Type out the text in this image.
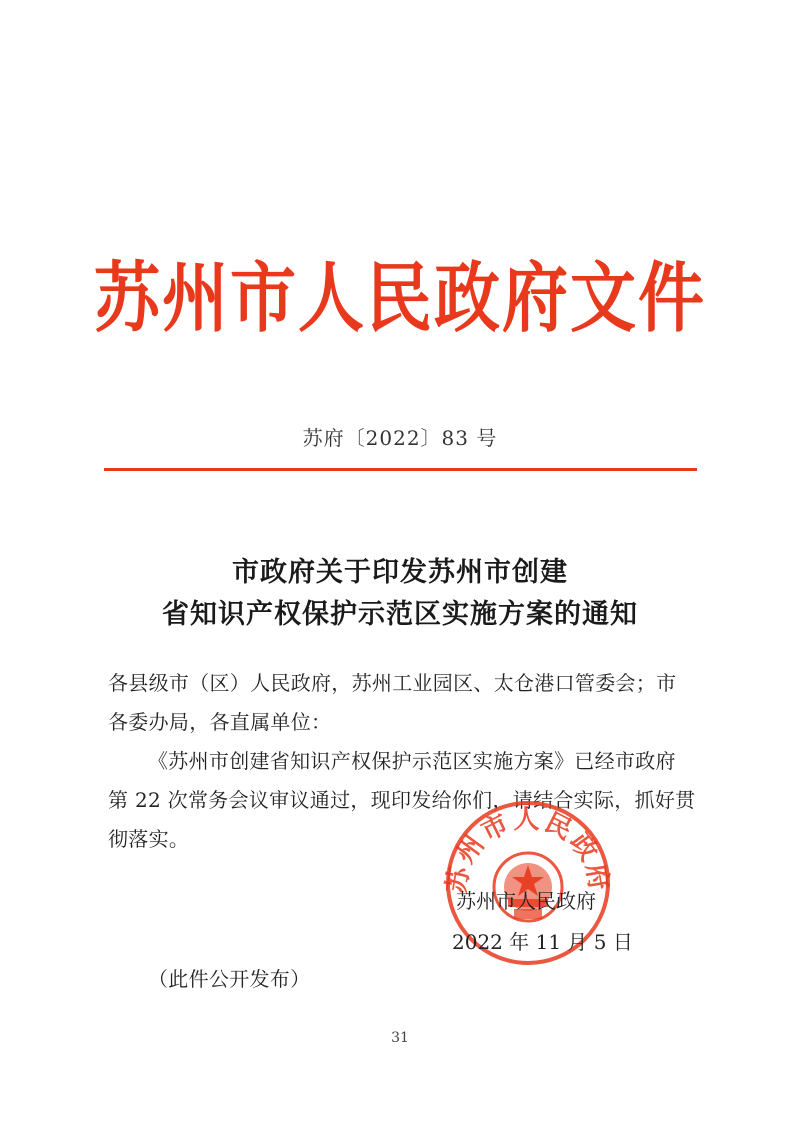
苏州市人民政府文件
苏府〔2022〕83 号
市政府关于印发苏州市创建
省知识产权保护示范区实施方案的通知
各县级市（区）人民政府，苏州工业园区、太仓港口管委会；市
各委办局，各直属单位：
《苏州市创建省知识产权保护示范区实施方案》已经市政府
第 22 次常务会议审议通过，现印发给你们，请结合实际，抓好贯
彻落实。
苏州市人民政府
苏州市人民政府
2022 年 11 月 5 日
（此件公开发布）
31
